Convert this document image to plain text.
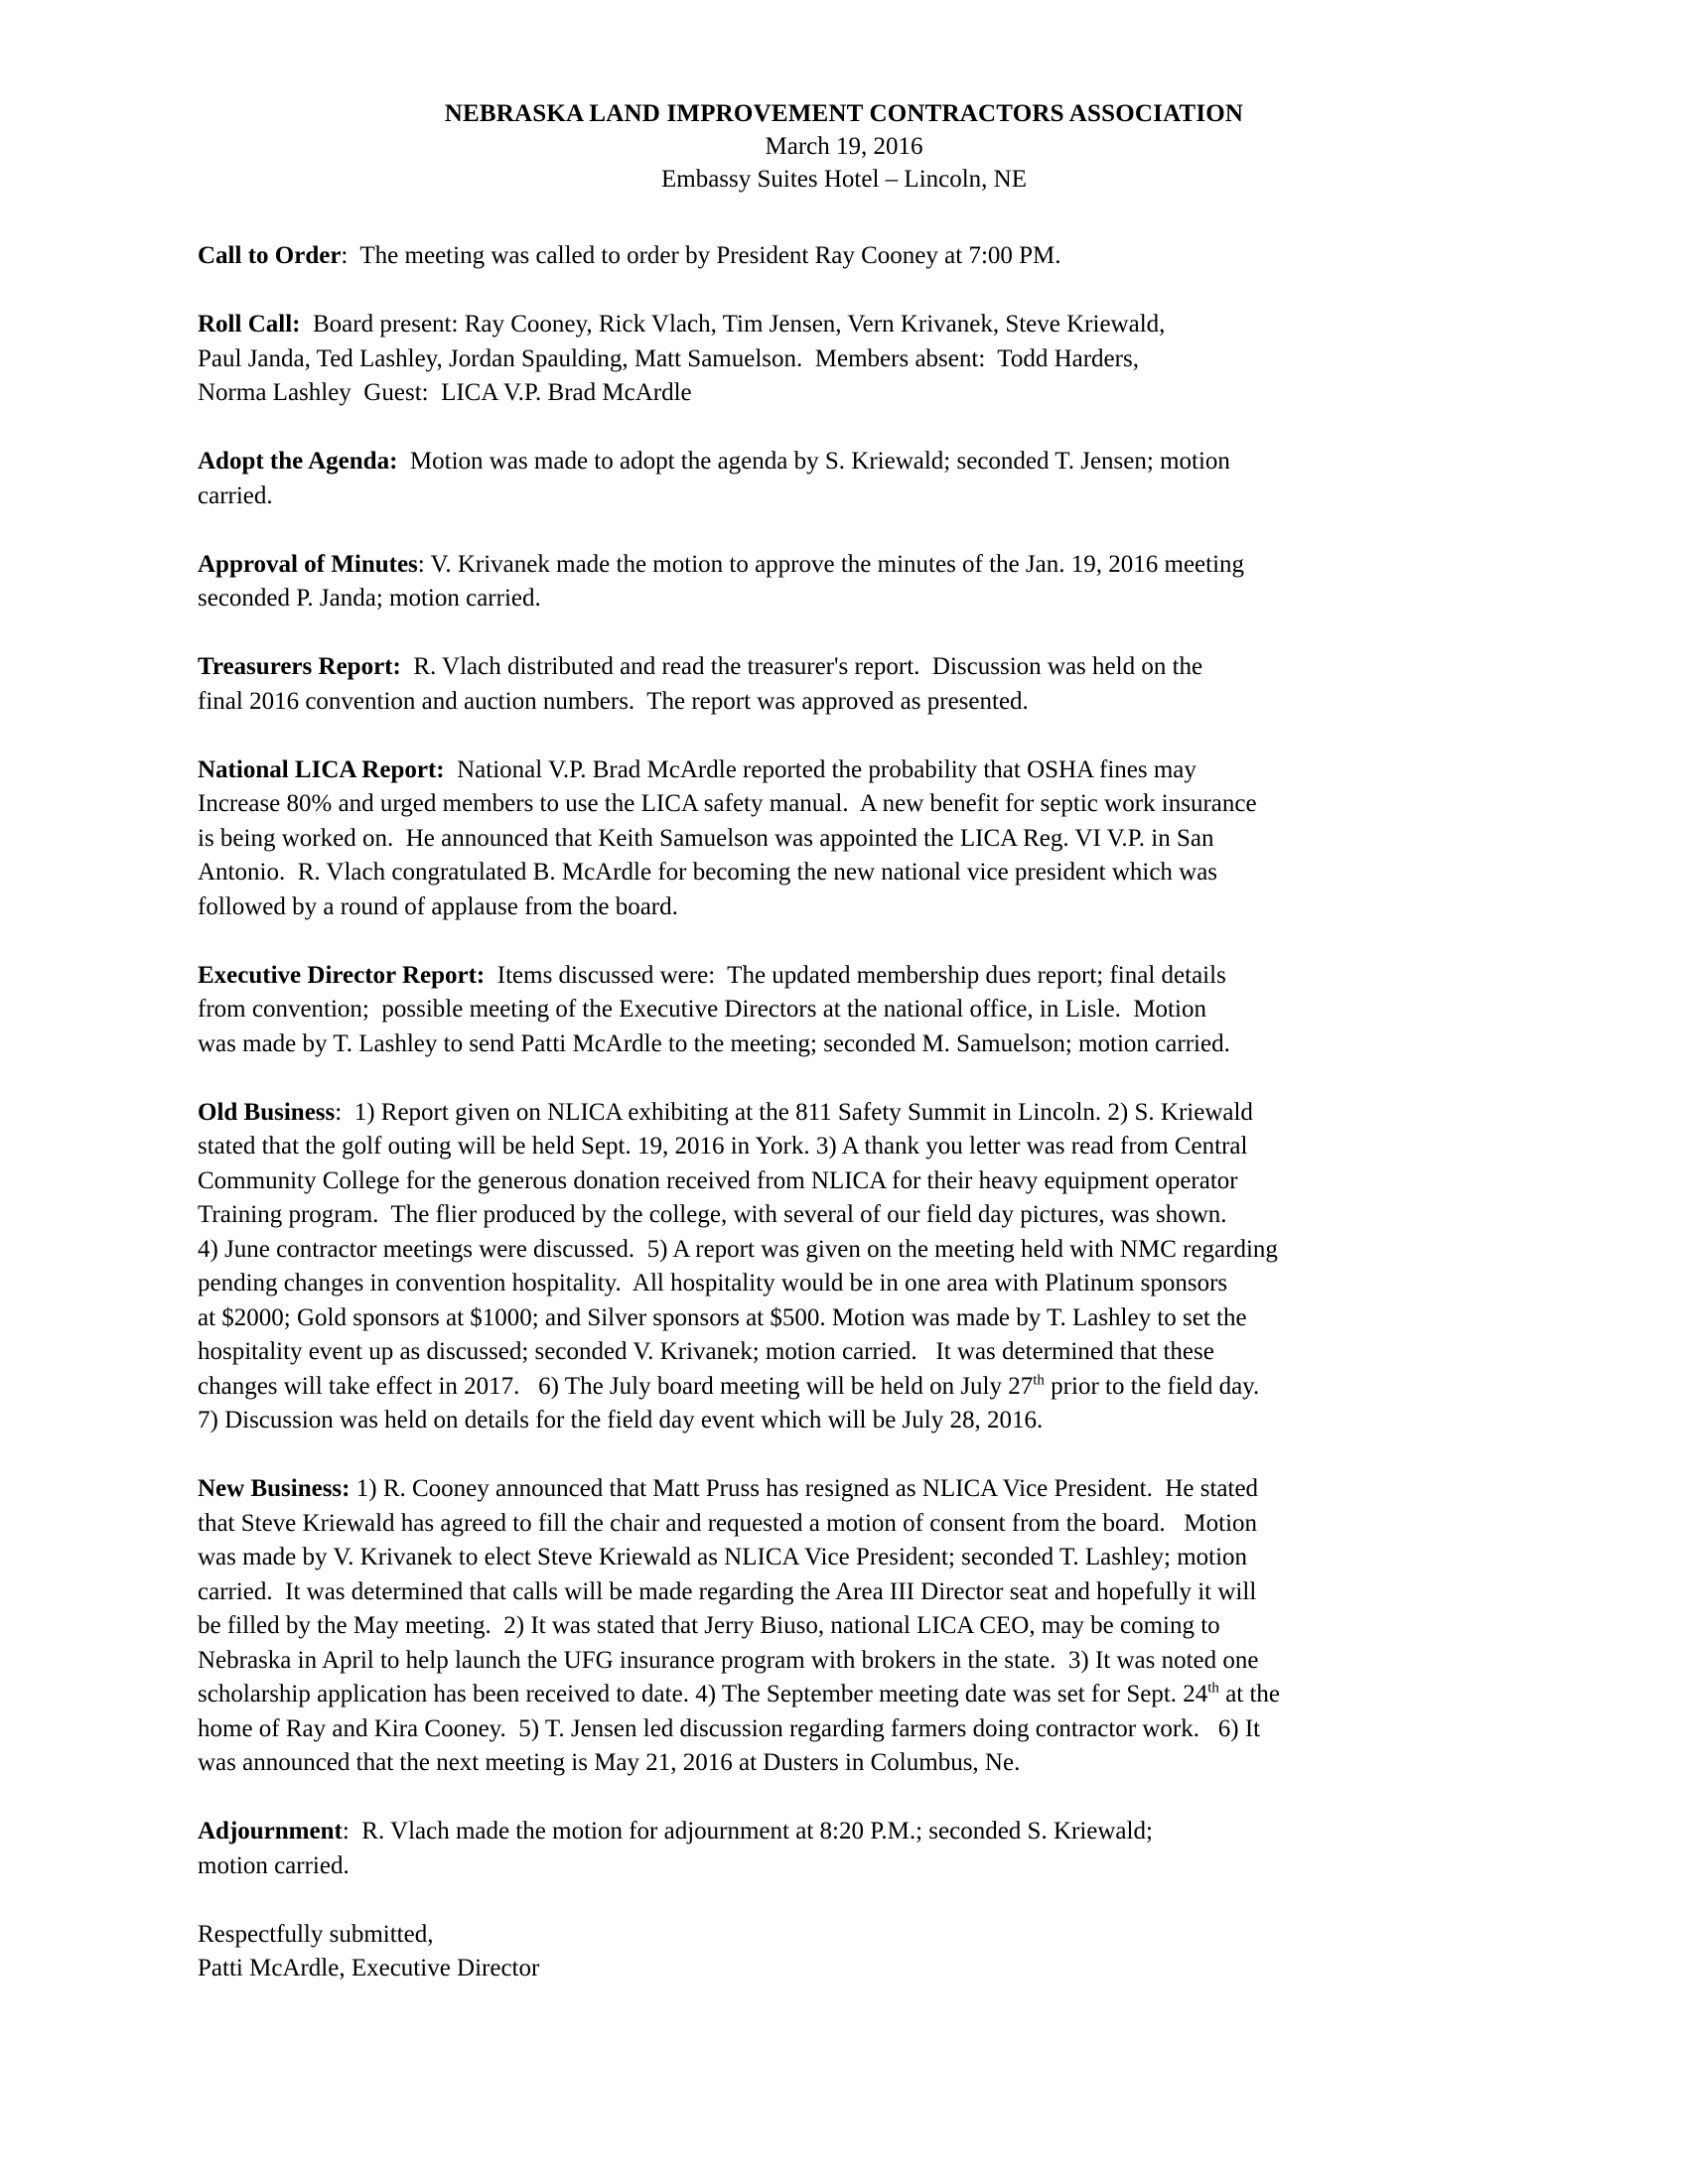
NEBRASKA LAND IMPROVEMENT CONTRACTORS ASSOCIATION
March 19, 2016
Embassy Suites Hotel – Lincoln, NE
Call to Order:  The meeting was called to order by President Ray Cooney at 7:00 PM.
Roll Call:  Board present: Ray Cooney, Rick Vlach, Tim Jensen, Vern Krivanek, Steve Kriewald,
Paul Janda, Ted Lashley, Jordan Spaulding, Matt Samuelson.  Members absent:  Todd Harders,
Norma Lashley  Guest:  LICA V.P. Brad McArdle
Adopt the Agenda:  Motion was made to adopt the agenda by S. Kriewald; seconded T. Jensen; motion
carried.
Approval of Minutes: V. Krivanek made the motion to approve the minutes of the Jan. 19, 2016 meeting
seconded P. Janda; motion carried.
Treasurers Report:  R. Vlach distributed and read the treasurer's report.  Discussion was held on the
final 2016 convention and auction numbers.  The report was approved as presented.
National LICA Report:  National V.P. Brad McArdle reported the probability that OSHA fines may
Increase 80% and urged members to use the LICA safety manual.  A new benefit for septic work insurance
is being worked on.  He announced that Keith Samuelson was appointed the LICA Reg. VI V.P. in San
Antonio.  R. Vlach congratulated B. McArdle for becoming the new national vice president which was
followed by a round of applause from the board.
Executive Director Report:  Items discussed were:  The updated membership dues report; final details
from convention;  possible meeting of the Executive Directors at the national office, in Lisle.  Motion
was made by T. Lashley to send Patti McArdle to the meeting; seconded M. Samuelson; motion carried.
Old Business:  1) Report given on NLICA exhibiting at the 811 Safety Summit in Lincoln. 2) S. Kriewald
stated that the golf outing will be held Sept. 19, 2016 in York. 3) A thank you letter was read from Central
Community College for the generous donation received from NLICA for their heavy equipment operator
Training program.  The flier produced by the college, with several of our field day pictures, was shown.
4) June contractor meetings were discussed.  5) A report was given on the meeting held with NMC regarding
pending changes in convention hospitality.  All hospitality would be in one area with Platinum sponsors
at $2000; Gold sponsors at $1000; and Silver sponsors at $500. Motion was made by T. Lashley to set the
hospitality event up as discussed; seconded V. Krivanek; motion carried.   It was determined that these
changes will take effect in 2017.   6) The July board meeting will be held on July 27th prior to the field day.
7) Discussion was held on details for the field day event which will be July 28, 2016.
New Business: 1) R. Cooney announced that Matt Pruss has resigned as NLICA Vice President.  He stated
that Steve Kriewald has agreed to fill the chair and requested a motion of consent from the board.   Motion
was made by V. Krivanek to elect Steve Kriewald as NLICA Vice President; seconded T. Lashley; motion
carried.  It was determined that calls will be made regarding the Area III Director seat and hopefully it will
be filled by the May meeting.  2) It was stated that Jerry Biuso, national LICA CEO, may be coming to
Nebraska in April to help launch the UFG insurance program with brokers in the state.  3) It was noted one
scholarship application has been received to date. 4) The September meeting date was set for Sept. 24th at the
home of Ray and Kira Cooney.  5) T. Jensen led discussion regarding farmers doing contractor work.   6) It
was announced that the next meeting is May 21, 2016 at Dusters in Columbus, Ne.
Adjournment:  R. Vlach made the motion for adjournment at 8:20 P.M.; seconded S. Kriewald;
motion carried.
Respectfully submitted,
Patti McArdle, Executive Director
